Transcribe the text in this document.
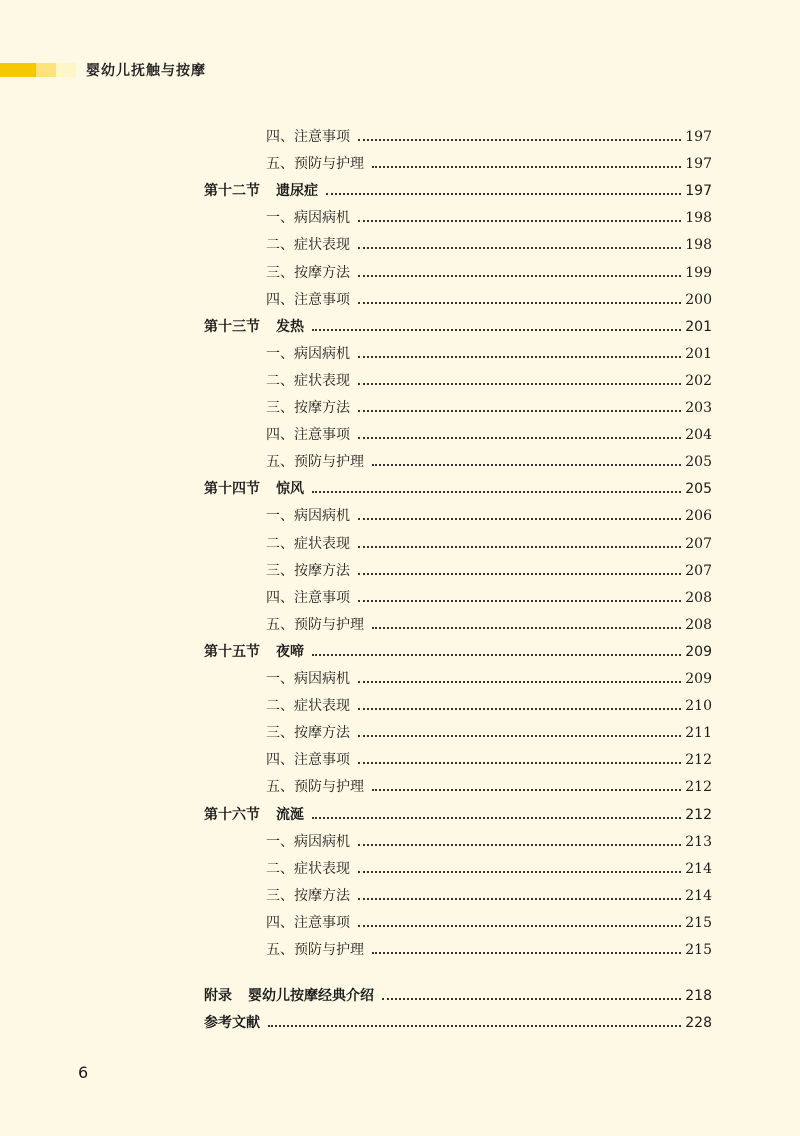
婴幼儿抚触与按摩
四、注意事项	197
五、预防与护理	197
第十二节 遗尿症	197
一、病因病机	198
二、症状表现	198
三、按摩方法	199
四、注意事项	200
第十三节 发热	201
一、病因病机	201
二、症状表现	202
三、按摩方法	203
四、注意事项	204
五、预防与护理	205
第十四节 惊风	205
一、病因病机	206
二、症状表现	207
三、按摩方法	207
四、注意事项	208
五、预防与护理	208
第十五节 夜啼	209
一、病因病机	209
二、症状表现	210
三、按摩方法	211
四、注意事项	212
五、预防与护理	212
第十六节 流涎	212
一、病因病机	213
二、症状表现	214
三、按摩方法	214
四、注意事项	215
五、预防与护理	215
附录 婴幼儿按摩经典介绍	218
参考文献	228
6
